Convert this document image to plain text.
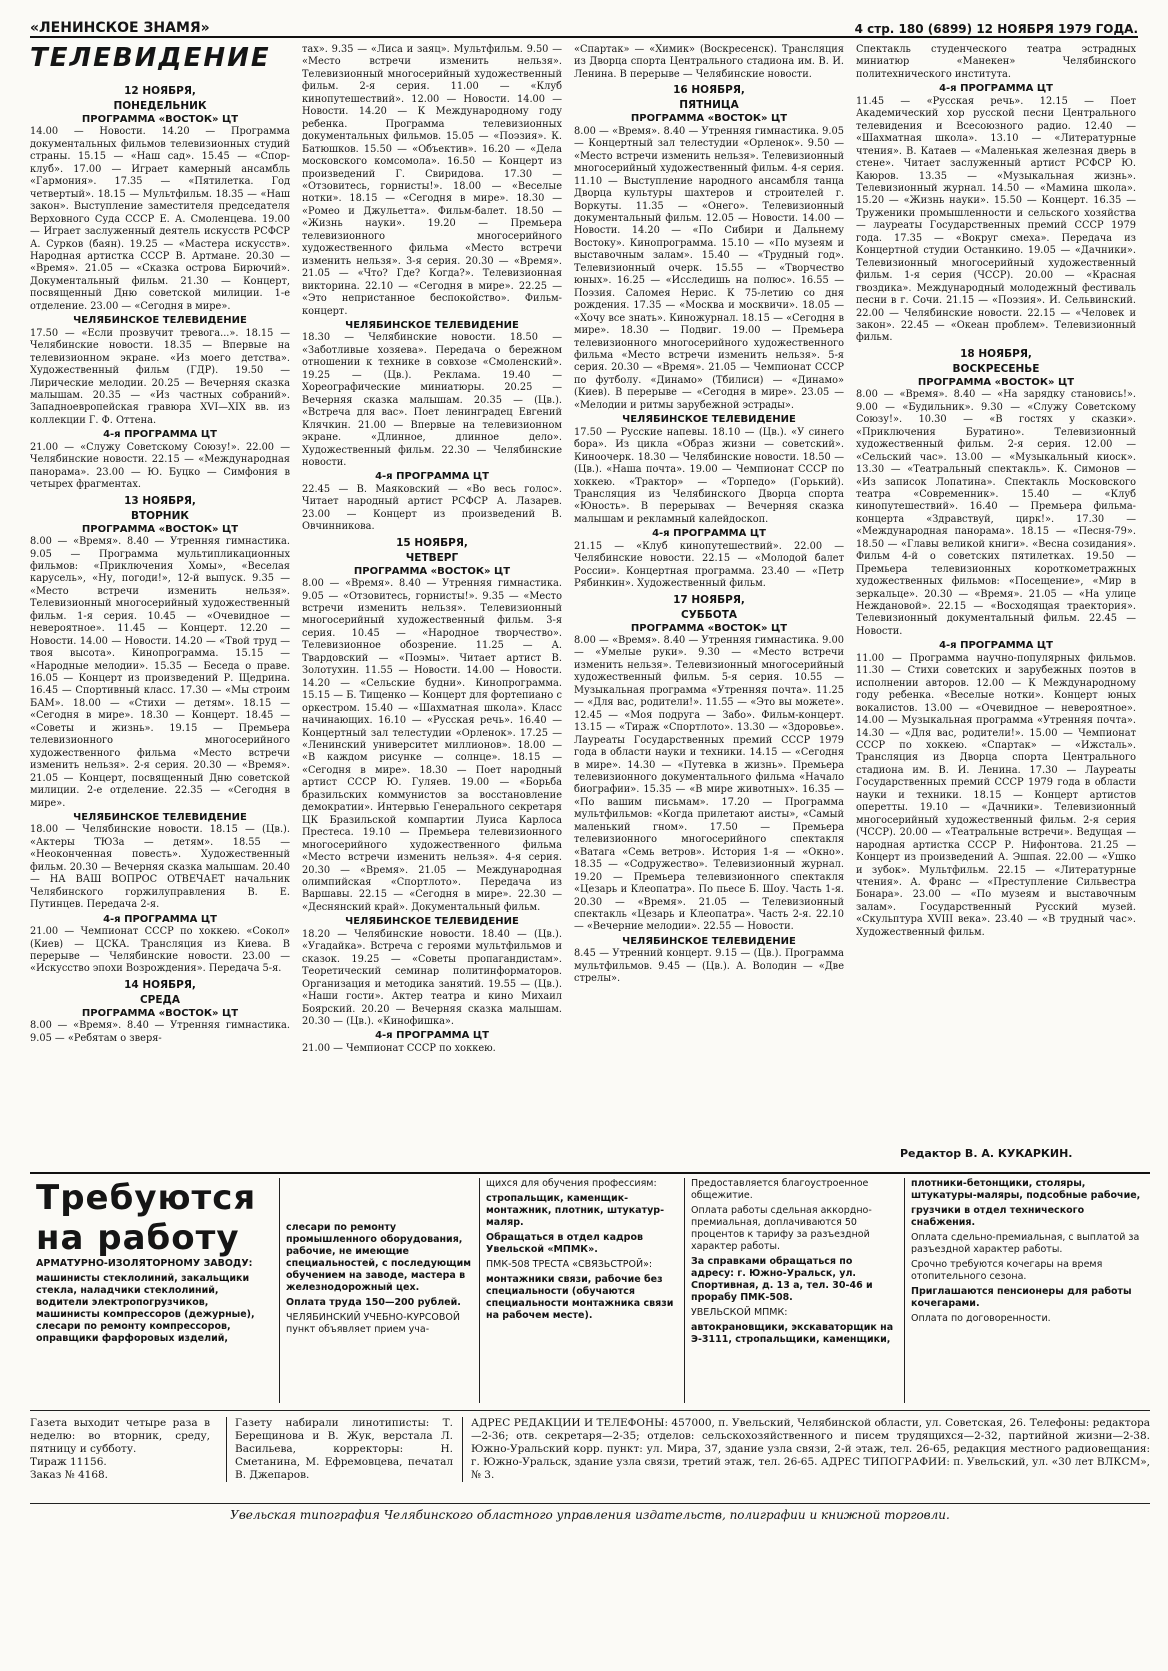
«ЛЕНИНСКОЕ ЗНАМЯ»	4 стр. 180 (6899) 12 НОЯБРЯ 1979 ГОДА.
ТЕЛЕВИДЕНИЕ
12 НОЯБРЯ,
ПОНЕДЕЛЬНИК
ПРОГРАММА «ВОСТОК» ЦТ

14.00 — Новости. 14.20 — Программа документальных фильмов телевизионных студий страны. 15.15 — «Наш сад». 15.45 — «Спор-клуб». 17.00 — Играет камерный ансамбль «Гармония». 17.35 — «Пятилетка. Год четвертый». 18.15 — Мультфильм. 18.35 — «Наш закон». Выступление заместителя председателя Верховного Суда СССР Е. А. Смоленцева. 19.00 — Играет заслуженный деятель искусств РСФСР А. Сурков (баян). 19.25 — «Мастера искусств». Народная артистка СССР В. Артмане. 20.30 — «Время». 21.05 — «Сказка острова Бирючий». Документальный фильм. 21.30 — Концерт, посвященный Дню советской милиции. 1-е отделение. 23.00 — «Сегодня в мире».

ЧЕЛЯБИНСКОЕ ТЕЛЕВИДЕНИЕ

17.50 — «Если прозвучит тревога...». 18.15 — Челябинские новости. 18.35 — Впервые на телевизионном экране. «Из моего детства». Художественный фильм (ГДР). 19.50 — Лирические мелодии. 20.25 — Вечерняя сказка малышам. 20.35 — «Из частных собраний». Западноевропейская гравюра XVI—XIX вв. из коллекции Г. Ф. Оттена.

4-я ПРОГРАММА ЦТ

21.00 — «Служу Советскому Союзу!». 22.00 — Челябинские новости. 22.15 — «Международная панорама». 23.00 — Ю. Буцко — Симфония в четырех фрагментах.

13 НОЯБРЯ,
ВТОРНИК
ПРОГРАММА «ВОСТОК» ЦТ

8.00 — «Время». 8.40 — Утренняя гимнастика. 9.05 — Программа мультипликационных фильмов: «Приключения Хомы», «Веселая карусель», «Ну, погоди!», 12-й выпуск. 9.35 — «Место встречи изменить нельзя». Телевизионный многосерийный художественный фильм. 1-я серия. 10.45 — «Очевидное — невероятное». 11.45 — Концерт. 12.20 — Новости. 14.00 — Новости. 14.20 — «Твой труд — твоя высота». Кинопрограмма. 15.15 — «Народные мелодии». 15.35 — Беседа о праве. 16.05 — Концерт из произведений Р. Щедрина. 16.45 — Спортивный класс. 17.30 — «Мы строим БАМ». 18.00 — «Стихи — детям». 18.15 — «Сегодня в мире». 18.30 — Концерт. 18.45 — «Советы и жизнь». 19.15 — Премьера телевизионного многосерийного художественного фильма «Место встречи изменить нельзя». 2-я серия. 20.30 — «Время». 21.05 — Концерт, посвященный Дню советской милиции. 2-е отделение. 22.35 — «Сегодня в мире».

ЧЕЛЯБИНСКОЕ ТЕЛЕВИДЕНИЕ

18.00 — Челябинские новости. 18.15 — (Цв.). «Актеры ТЮЗа — детям». 18.55 — «Неоконченная повесть». Художественный фильм. 20.30 — Вечерняя сказка малышам. 20.40 — НА ВАШ ВОПРОС ОТВЕЧАЕТ начальник Челябинского горжилуправления В. Е. Путинцев. Передача 2-я.

4-я ПРОГРАММА ЦТ

21.00 — Чемпионат СССР по хоккею. «Сокол» (Киев) — ЦСКА. Трансляция из Киева. В перерыве — Челябинские новости. 23.00 — «Искусство эпохи Возрождения». Передача 5-я.

14 НОЯБРЯ,
СРЕДА
ПРОГРАММА «ВОСТОК» ЦТ

8.00 — «Время». 8.40 — Утренняя гимнастика. 9.05 — «Ребятам о зверя-

тах». 9.35 — «Лиса и заяц». Мультфильм. 9.50 — «Место встречи изменить нельзя». Телевизионный многосерийный художественный фильм. 2-я серия. 11.00 — «Клуб кинопутешествий». 12.00 — Новости. 14.00 — Новости. 14.20 — К Международному году ребенка. Программа телевизионных документальных фильмов. 15.05 — «Поэзия». К. Батюшков. 15.50 — «Объектив». 16.20 — «Дела московского комсомола». 16.50 — Концерт из произведений Г. Свиридова. 17.30 — «Отзовитесь, горнисты!». 18.00 — «Веселые нотки». 18.15 — «Сегодня в мире». 18.30 — «Ромео и Джульетта». Фильм-балет. 18.50 — «Жизнь науки». 19.20 — Премьера телевизионного многосерийного художественного фильма «Место встречи изменить нельзя». 3-я серия. 20.30 — «Время». 21.05 — «Что? Где? Когда?». Телевизионная викторина. 22.10 — «Сегодня в мире». 22.25 — «Это непристанное беспокойство». Фильм-концерт.

ЧЕЛЯБИНСКОЕ ТЕЛЕВИДЕНИЕ

18.30 — Челябинские новости. 18.50 — «Заботливые хозяева». Передача о бережном отношении к технике в совхозе «Смоленский». 19.25 — (Цв.). Реклама. 19.40 — Хореографические миниатюры. 20.25 — Вечерняя сказка малышам. 20.35 — (Цв.). «Встреча для вас». Поет ленинградец Евгений Клячкин. 21.00 — Впервые на телевизионном экране. «Длинное, длинное дело». Художественный фильм. 22.30 — Челябинские новости.

4-я ПРОГРАММА ЦТ

22.45 — В. Маяковский — «Во весь голос». Читает народный артист РСФСР А. Лазарев. 23.00 — Концерт из произведений В. Овчинникова.

15 НОЯБРЯ,
ЧЕТВЕРГ
ПРОГРАММА «ВОСТОК» ЦТ

8.00 — «Время». 8.40 — Утренняя гимнастика. 9.05 — «Отзовитесь, горнисты!». 9.35 — «Место встречи изменить нельзя». Телевизионный многосерийный художественный фильм. 3-я серия. 10.45 — «Народное творчество». Телевизионное обозрение. 11.25 — А. Твардовский — «Поэмы». Читает артист В. Золотухин. 11.55 — Новости. 14.00 — Новости. 14.20 — «Сельские будни». Кинопрограмма. 15.15 — Б. Тищенко — Концерт для фортепиано с оркестром. 15.40 — «Шахматная школа». Класс начинающих. 16.10 — «Русская речь». 16.40 — Концертный зал телестудии «Орленок». 17.25 — «Ленинский университет миллионов». 18.00 — «В каждом рисунке — солнце». 18.15 — «Сегодня в мире». 18.30 — Поет народный артист СССР Ю. Гуляев. 19.00 — «Борьба бразильских коммунистов за восстановление демократии». Интервью Генерального секретаря ЦК Бразильской компартии Луиса Карлоса Престеса. 19.10 — Премьера телевизионного многосерийного художественного фильма «Место встречи изменить нельзя». 4-я серия. 20.30 — «Время». 21.05 — Международная олимпийская «Спортлото». Передача из Варшавы. 22.15 — «Сегодня в мире». 22.30 — «Деснянский край». Документальный фильм.

ЧЕЛЯБИНСКОЕ ТЕЛЕВИДЕНИЕ

18.20 — Челябинские новости. 18.40 — (Цв.). «Угадайка». Встреча с героями мультфильмов и сказок. 19.25 — «Советы пропагандистам». Теоретический семинар политинформаторов. Организация и методика занятий. 19.55 — (Цв.). «Наши гости». Актер театра и кино Михаил Боярский. 20.20 — Вечерняя сказка малышам. 20.30 — (Цв.). «Кинофишка».

4-я ПРОГРАММА ЦТ

21.00 — Чемпионат СССР по хоккею.

«Спартак» — «Химик» (Воскресенск). Трансляция из Дворца спорта Центрального стадиона им. В. И. Ленина. В перерыве — Челябинские новости.

16 НОЯБРЯ,
ПЯТНИЦА
ПРОГРАММА «ВОСТОК» ЦТ

8.00 — «Время». 8.40 — Утренняя гимнастика. 9.05 — Концертный зал телестудии «Орленок». 9.50 — «Место встречи изменить нельзя». Телевизионный многосерийный художественный фильм. 4-я серия. 11.10 — Выступление народного ансамбля танца Дворца культуры шахтеров и строителей г. Воркуты. 11.35 — «Онего». Телевизионный документальный фильм. 12.05 — Новости. 14.00 — Новости. 14.20 — «По Сибири и Дальнему Востоку». Кинопрограмма. 15.10 — «По музеям и выставочным залам». 15.40 — «Трудный год». Телевизионный очерк. 15.55 — «Творчество юных». 16.25 — «Исследишь на полюс». 16.55 — Поэзия. Саломея Нерис. К 75-летию со дня рождения. 17.35 — «Москва и москвичи». 18.05 — «Хочу все знать». Киножурнал. 18.15 — «Сегодня в мире». 18.30 — Подвиг. 19.00 — Премьера телевизионного многосерийного художественного фильма «Место встречи изменить нельзя». 5-я серия. 20.30 — «Время». 21.05 — Чемпионат СССР по футболу. «Динамо» (Тбилиси) — «Динамо» (Киев). В перерыве — «Сегодня в мире». 23.05 — «Мелодии и ритмы зарубежной эстрады».

ЧЕЛЯБИНСКОЕ ТЕЛЕВИДЕНИЕ

17.50 — Русские напевы. 18.10 — (Цв.). «У синего бора». Из цикла «Образ жизни — советский». Киноочерк. 18.30 — Челябинские новости. 18.50 — (Цв.). «Наша почта». 19.00 — Чемпионат СССР по хоккею. «Трактор» — «Торпедо» (Горький). Трансляция из Челябинского Дворца спорта «Юность». В перерывах — Вечерняя сказка малышам и рекламный калейдоскоп.

4-я ПРОГРАММА ЦТ

21.15 — «Клуб кинопутешествий». 22.00 — Челябинские новости. 22.15 — «Молодой балет России». Концертная программа. 23.40 — «Петр Рябинкин». Художественный фильм.

17 НОЯБРЯ,
СУББОТА
ПРОГРАММА «ВОСТОК» ЦТ

8.00 — «Время». 8.40 — Утренняя гимнастика. 9.00 — «Умелые руки». 9.30 — «Место встречи изменить нельзя». Телевизионный многосерийный художественный фильм. 5-я серия. 10.55 — Музыкальная программа «Утренняя почта». 11.25 — «Для вас, родители!». 11.55 — «Это вы можете». 12.45 — «Моя подруга — Забо». Фильм-концерт. 13.15 — «Тираж «Спортлото». 13.30 — «Здоровье». Лауреаты Государственных премий СССР 1979 года в области науки и техники. 14.15 — «Сегодня в мире». 14.30 — «Путевка в жизнь». Премьера телевизионного документального фильма «Начало биографии». 15.35 — «В мире животных». 16.35 — «По вашим письмам». 17.20 — Программа мультфильмов: «Когда прилетают аисты», «Самый маленький гном». 17.50 — Премьера телевизионного многосерийного спектакля «Ватага «Семь ветров». История 1-я — «Окно». 18.35 — «Содружество». Телевизионный журнал. 19.20 — Премьера телевизионного спектакля «Цезарь и Клеопатра». По пьесе Б. Шоу. Часть 1-я. 20.30 — «Время». 21.05 — Телевизионный спектакль «Цезарь и Клеопатра». Часть 2-я. 22.10 — «Вечерние мелодии». 22.55 — Новости.

ЧЕЛЯБИНСКОЕ ТЕЛЕВИДЕНИЕ

8.45 — Утренний концерт. 9.15 — (Цв.). Программа мультфильмов. 9.45 — (Цв.). А. Володин — «Две стрелы».

Спектакль студенческого театра эстрадных миниатюр «Манекен» Челябинского политехнического института.

4-я ПРОГРАММА ЦТ

11.45 — «Русская речь». 12.15 — Поет Академический хор русской песни Центрального телевидения и Всесоюзного радио. 12.40 — «Шахматная школа». 13.10 — «Литературные чтения». В. Катаев — «Маленькая железная дверь в стене». Читает заслуженный артист РСФСР Ю. Каюров. 13.35 — «Музыкальная жизнь». Телевизионный журнал. 14.50 — «Мамина школа». 15.20 — «Жизнь науки». 15.50 — Концерт. 16.35 — Труженики промышленности и сельского хозяйства — лауреаты Государственных премий СССР 1979 года. 17.35 — «Вокруг смеха». Передача из Концертной студии Останкино. 19.05 — «Дачники». Телевизионный многосерийный художественный фильм. 1-я серия (ЧССР). 20.00 — «Красная гвоздика». Международный молодежный фестиваль песни в г. Сочи. 21.15 — «Поэзия». И. Сельвинский. 22.00 — Челябинские новости. 22.15 — «Человек и закон». 22.45 — «Океан проблем». Телевизионный фильм.

18 НОЯБРЯ,
ВОСКРЕСЕНЬЕ
ПРОГРАММА «ВОСТОК» ЦТ

8.00 — «Время». 8.40 — «На зарядку становись!». 9.00 — «Будильник». 9.30 — «Служу Советскому Союзу!». 10.30 — «В гостях у сказки». «Приключения Буратино». Телевизионный художественный фильм. 2-я серия. 12.00 — «Сельский час». 13.00 — «Музыкальный киоск». 13.30 — «Театральный спектакль». К. Симонов — «Из записок Лопатина». Спектакль Московского театра «Современник». 15.40 — «Клуб кинопутешествий». 16.40 — Премьера фильма-концерта «Здравствуй, цирк!». 17.30 — «Международная панорама». 18.15 — «Песня-79». 18.50 — «Главы великой книги». «Весна созидания». Фильм 4-й о советских пятилетках. 19.50 — Премьера телевизионных короткометражных художественных фильмов: «Посещение», «Мир в зеркальце». 20.30 — «Время». 21.05 — «На улице Неждановой». 22.15 — «Восходящая траектория». Телевизионный документальный фильм. 22.45 — Новости.

4-я ПРОГРАММА ЦТ

11.00 — Программа научно-популярных фильмов. 11.30 — Стихи советских и зарубежных поэтов в исполнении авторов. 12.00 — К Международному году ребенка. «Веселые нотки». Концерт юных вокалистов. 13.00 — «Очевидное — невероятное». 14.00 — Музыкальная программа «Утренняя почта». 14.30 — «Для вас, родители!». 15.00 — Чемпионат СССР по хоккею. «Спартак» — «Ижсталь». Трансляция из Дворца спорта Центрального стадиона им. В. И. Ленина. 17.30 — Лауреаты Государственных премий СССР 1979 года в области науки и техники. 18.15 — Концерт артистов оперетты. 19.10 — «Дачники». Телевизионный многосерийный художественный фильм. 2-я серия (ЧССР). 20.00 — «Театральные встречи». Ведущая — народная артистка СССР Р. Нифонтова. 21.25 — Концерт из произведений А. Эшпая. 22.00 — «Ушко и зубок». Мультфильм. 22.15 — «Литературные чтения». А. Франс — «Преступление Сильвестра Бонара». 23.00 — «По музеям и выставочным залам». Государственный Русский музей. «Скульптура XVIII века». 23.40 — «В трудный час». Художественный фильм.

Редактор В. А. КУКАРКИН.
Требуются на работу

АРМАТУРНО-ИЗОЛЯТОРНОМУ ЗАВОДУ:

машинисты стеклолиний, закальщики стекла, наладчики стеклолиний, водители электропогрузчиков, машинисты компрессоров (дежурные), слесари по ремонту компрессоров, оправщики фарфоровых изделий,

слесари по ремонту промышленного оборудования, рабочие, не имеющие специальностей, с последующим обучением на заводе, мастера в железнодорожный цех.

Оплата труда 150—200 рублей.

ЧЕЛЯБИНСКИЙ УЧЕБНО-КУРСОВОЙ пункт объявляет прием уча-

щихся для обучения профессиям:

стропальщик, каменщик-монтажник, плотник, штукатур-маляр.

Обращаться в отдел кадров Увельской «МПМК».

ПМК-508 ТРЕСТА «СВЯЗЬСТРОЙ»:

монтажники связи, рабочие без специальности (обучаются специальности монтажника связи на рабочем месте).

Предоставляется благоустроенное общежитие.

Оплата работы сдельная аккордно-премиальная, доплачиваются 50 процентов к тарифу за разъездной характер работы.

За справками обращаться по адресу: г. Южно-Уральск, ул. Спортивная, д. 13 а, тел. 30-46 и прорабу ПМК-508.

УВЕЛЬСКОЙ МПМК:

автокрановщики, экскаваторщик на Э-3111, стропальщики, каменщики,

плотники-бетонщики, столяры, штукатуры-маляры, подсобные рабочие,

грузчики в отдел технического снабжения.

Оплата сдельно-премиальная, с выплатой за разъездной характер работы.

Срочно требуются кочегары на время отопительного сезона.

Приглашаются пенсионеры для работы кочегарами.

Оплата по договоренности.

Газета выходит четыре раза в неделю: во вторник, среду, пятницу и субботу.
Тираж 11156.
Заказ № 4168.
Газету набирали линотиписты: Т. Берещинова и В. Жук, верстала Л. Васильева, корректоры: Н. Сметанина, М. Ефремовцева, печатал В. Джепаров.
АДРЕС РЕДАКЦИИ И ТЕЛЕФОНЫ: 457000, п. Увельский, Челябинской области, ул. Советская, 26. Телефоны: редактора—2-36; отв. секретаря—2-35; отделов: сельскохозяйственного и писем трудящихся—2-32, партийной жизни—2-38. Южно-Уральский корр. пункт: ул. Мира, 37, здание узла связи, 2-й этаж, тел. 26-65, редакция местного радиовещания: г. Южно-Уральск, здание узла связи, третий этаж, тел. 26-65. АДРЕС ТИПОГРАФИИ: п. Увельский, ул. «30 лет ВЛКСМ», № 3.
Увельская типография Челябинского областного управления издательств, полиграфии и книжной торговли.
